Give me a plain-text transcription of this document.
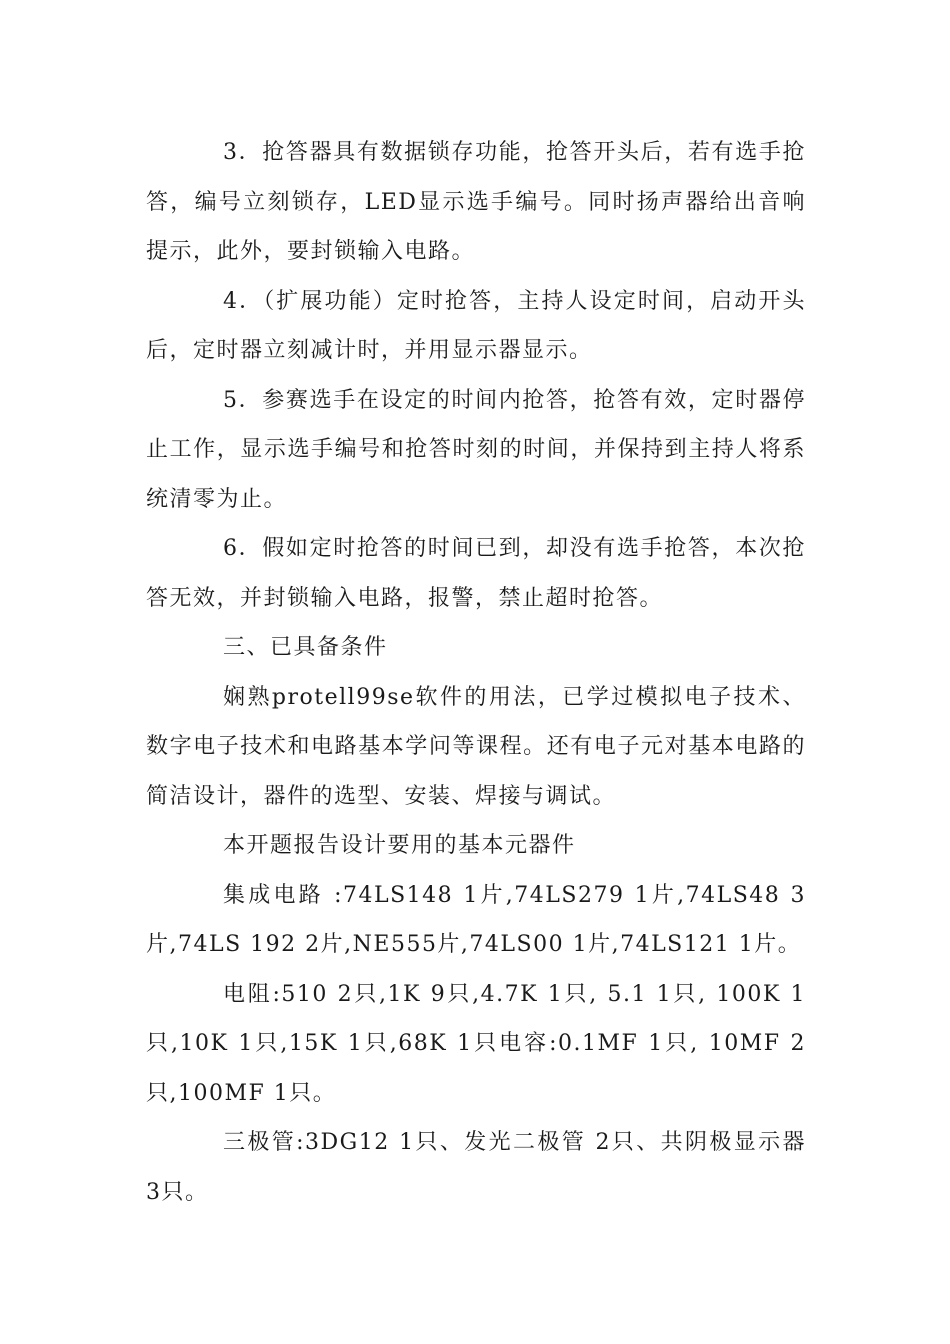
3．抢答器具有数据锁存功能，抢答开头后，若有选手抢答，编号立刻锁存，LED显示选手编号。同时扬声器给出音响提示，此外，要封锁输入电路。

4．（扩展功能）定时抢答，主持人设定时间，启动开头后，定时器立刻减计时，并用显示器显示。

5．参赛选手在设定的时间内抢答，抢答有效，定时器停止工作，显示选手编号和抢答时刻的时间，并保持到主持人将系统清零为止。

6．假如定时抢答的时间已到，却没有选手抢答，本次抢答无效，并封锁输入电路，报警，禁止超时抢答。

三、已具备条件

娴熟protell99se软件的用法，已学过模拟电子技术、数字电子技术和电路基本学问等课程。还有电子元对基本电路的简洁设计，器件的选型、安装、焊接与调试。

本开题报告设计要用的基本元器件

集成电路 :74LS148 1片,74LS279 1片,74LS48 3片,74LS 192 2片,NE555片,74LS00 1片,74LS121 1片。

电阻:510 2只,1K 9只,4.7K 1只, 5.1 1只, 100K 1只,10K 1只,15K 1只,68K 1只电容:0.1MF 1只, 10MF 2只,100MF 1只。

三极管:3DG12 1只、发光二极管 2只、共阴极显示器 3只。
